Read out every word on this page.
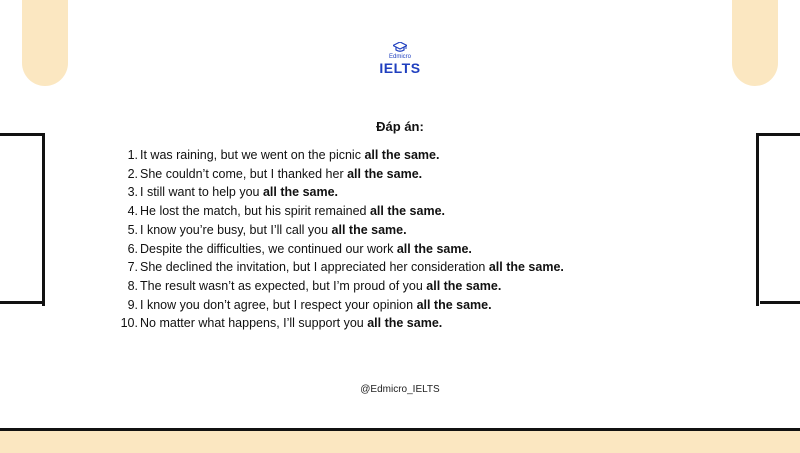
Edmicro
IELTS
Đáp án:
1. It was raining, but we went on the picnic all the same.
2. She couldn’t come, but I thanked her all the same.
3. I still want to help you all the same.
4. He lost the match, but his spirit remained all the same.
5. I know you’re busy, but I’ll call you all the same.
6. Despite the difficulties, we continued our work all the same.
7. She declined the invitation, but I appreciated her consideration all the same.
8. The result wasn’t as expected, but I’m proud of you all the same.
9. I know you don’t agree, but I respect your opinion all the same.
10. No matter what happens, I’ll support you all the same.
@Edmicro_IELTS
